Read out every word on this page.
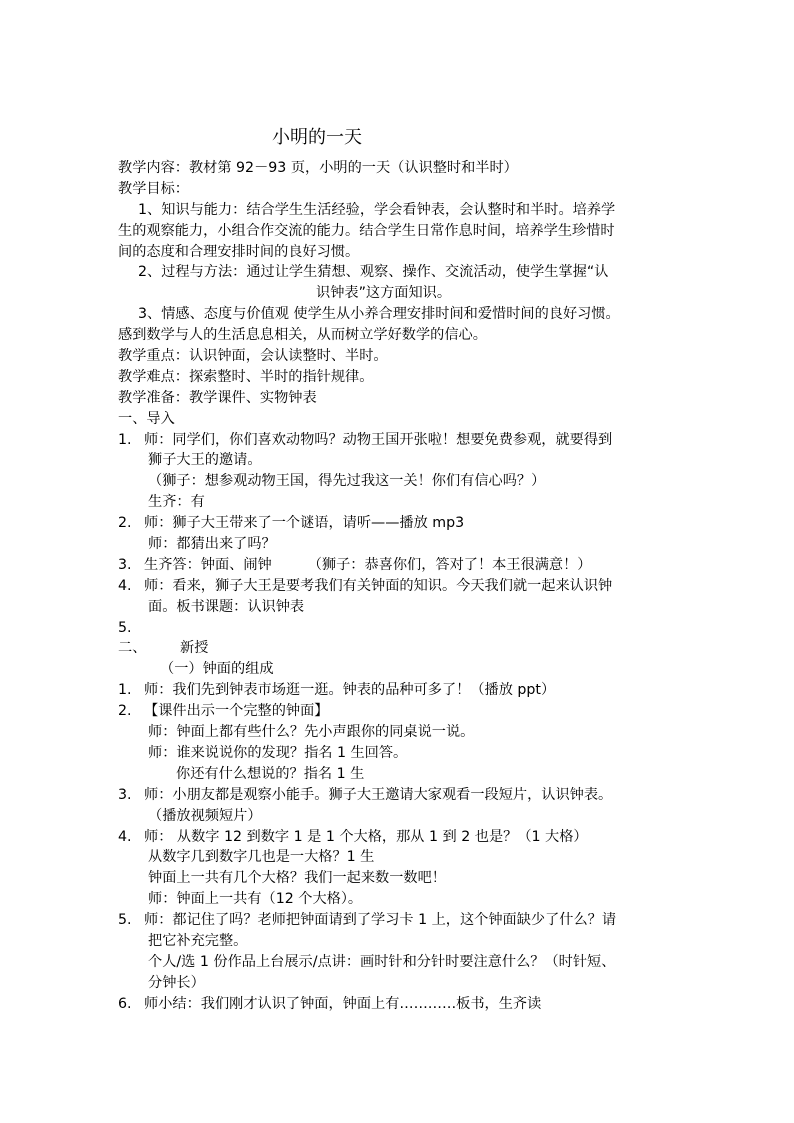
小明的一天
教学内容：教材第 92－93 页，小明的一天（认识整时和半时）
教学目标：
1、知识与能力：结合学生生活经验，学会看钟表，会认整时和半时。培养学
生的观察能力，小组合作交流的能力。结合学生日常作息时间，培养学生珍惜时
间的态度和合理安排时间的良好习惯。
2、过程与方法：通过让学生猜想、观察、操作、交流活动，使学生掌握“认
识钟表”这方面知识。
3、情感、态度与价值观 使学生从小养合理安排时间和爱惜时间的良好习惯。
感到数学与人的生活息息相关，从而树立学好数学的信心。
教学重点：认识钟面，会认读整时、半时。
教学难点：探索整时、半时的指针规律。
教学准备：教学课件、实物钟表
一、导入
1. 师：同学们，你们喜欢动物吗？动物王国开张啦！想要免费参观，就要得到
狮子大王的邀请。
（狮子：想参观动物王国，得先过我这一关！你们有信心吗？）
生齐：有
2. 师：狮子大王带来了一个谜语，请听——播放 mp3
师：都猜出来了吗？
3. 生齐答：钟面、闹钟	（狮子：恭喜你们，答对了！本王很满意！）
4. 师：看来，狮子大王是要考我们有关钟面的知识。今天我们就一起来认识钟
面。板书课题：认识钟表
5.
二、 新授
（一）钟面的组成
1. 师：我们先到钟表市场逛一逛。钟表的品种可多了！（播放 ppt）
2. 【课件出示一个完整的钟面】
师：钟面上都有些什么？先小声跟你的同桌说一说。
师：谁来说说你的发现？指名 1 生回答。
你还有什么想说的？指名 1 生
3. 师：小朋友都是观察小能手。狮子大王邀请大家观看一段短片，认识钟表。
（播放视频短片）
4. 师： 从数字 12 到数字 1 是 1 个大格，那从 1 到 2 也是？（1 大格）
从数字几到数字几也是一大格？1 生
钟面上一共有几个大格？我们一起来数一数吧！
师：钟面上一共有（12 个大格）。
5. 师：都记住了吗？老师把钟面请到了学习卡 1 上，这个钟面缺少了什么？请
把它补充完整。
个人/选 1 份作品上台展示/点讲：画时针和分针时要注意什么？（时针短、
分钟长）
6. 师小结：我们刚才认识了钟面，钟面上有…………板书，生齐读
